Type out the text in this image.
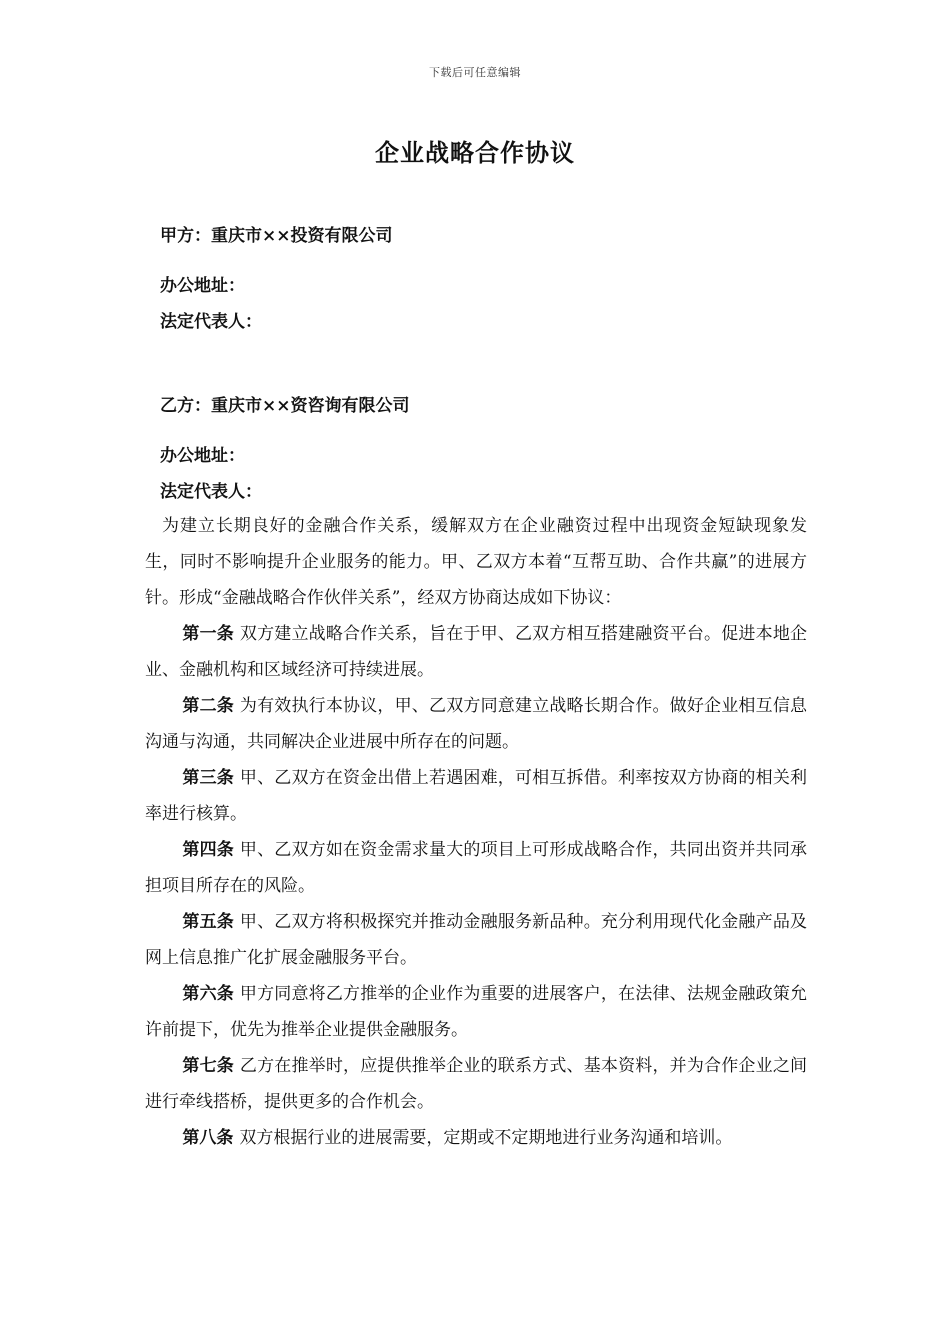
下载后可任意编辑
企业战略合作协议
甲方：重庆市××投资有限公司
办公地址：
法定代表人：
乙方：重庆市××资咨询有限公司
办公地址：
法定代表人：

为建立长期良好的金融合作关系，缓解双方在企业融资过程中出现资金短缺现象发生，同时不影响提升企业服务的能力。甲、乙双方本着“互帮互助、合作共赢”的进展方针。形成“金融战略合作伙伴关系”，经双方协商达成如下协议：

第一条 双方建立战略合作关系，旨在于甲、乙双方相互搭建融资平台。促进本地企业、金融机构和区域经济可持续进展。

第二条 为有效执行本协议，甲、乙双方同意建立战略长期合作。做好企业相互信息沟通与沟通，共同解决企业进展中所存在的问题。

第三条 甲、乙双方在资金出借上若遇困难，可相互拆借。利率按双方协商的相关利率进行核算。

第四条 甲、乙双方如在资金需求量大的项目上可形成战略合作，共同出资并共同承担项目所存在的风险。

第五条 甲、乙双方将积极探究并推动金融服务新品种。充分利用现代化金融产品及网上信息推广化扩展金融服务平台。

第六条 甲方同意将乙方推举的企业作为重要的进展客户，在法律、法规金融政策允许前提下，优先为推举企业提供金融服务。

第七条 乙方在推举时，应提供推举企业的联系方式、基本资料，并为合作企业之间进行牵线搭桥，提供更多的合作机会。

第八条 双方根据行业的进展需要，定期或不定期地进行业务沟通和培训。
